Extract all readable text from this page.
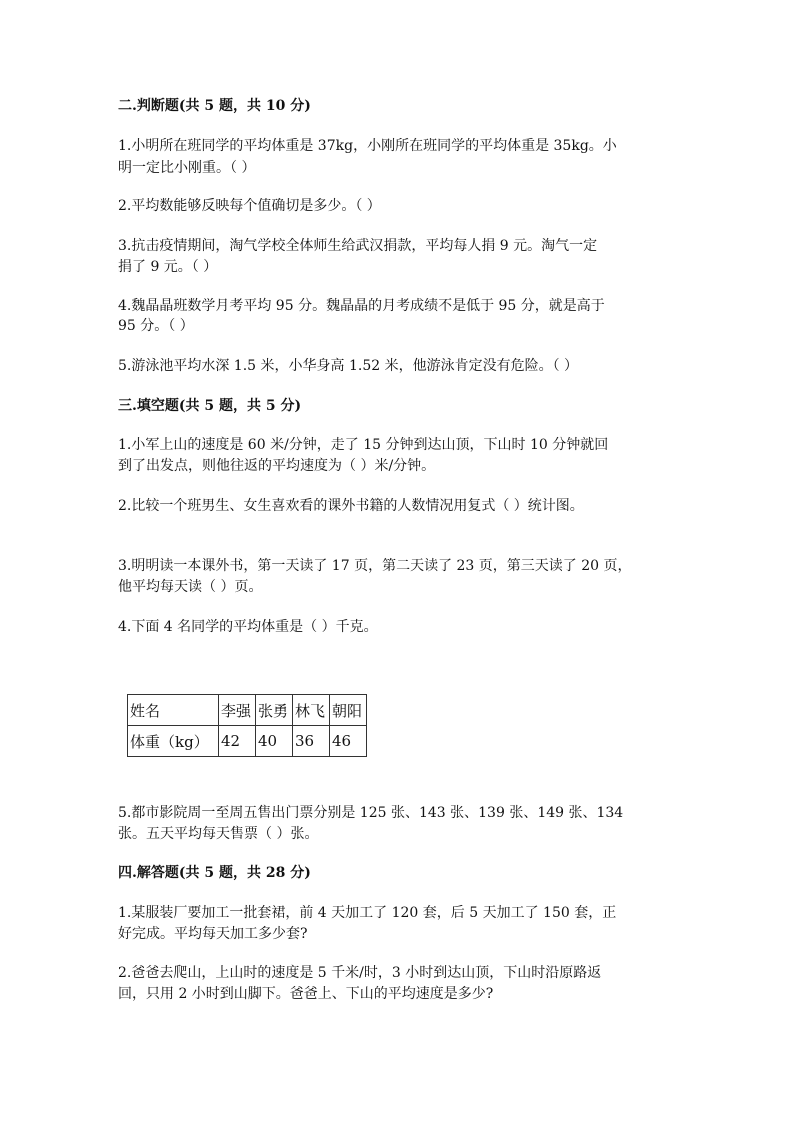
二.判断题(共 5 题，共 10 分)
1.小明所在班同学的平均体重是 37kg，小刚所在班同学的平均体重是 35kg。小
明一定比小刚重。（ ）
2.平均数能够反映每个值确切是多少。（ ）
3.抗击疫情期间，淘气学校全体师生给武汉捐款，平均每人捐 9 元。淘气一定
捐了 9 元。（ ）
4.魏晶晶班数学月考平均 95 分。魏晶晶的月考成绩不是低于 95 分，就是高于
95 分。（ ）
5.游泳池平均水深 1.5 米，小华身高 1.52 米，他游泳肯定没有危险。（ ）
三.填空题(共 5 题，共 5 分)
1.小军上山的速度是 60 米/分钟，走了 15 分钟到达山顶，下山时 10 分钟就回
到了出发点，则他往返的平均速度为（ ）米/分钟。
2.比较一个班男生、女生喜欢看的课外书籍的人数情况用复式（ ）统计图。
3.明明读一本课外书，第一天读了 17 页，第二天读了 23 页，第三天读了 20 页，
他平均每天读（ ）页。
4.下面 4 名同学的平均体重是（ ）千克。
姓名	李强	张勇	林飞	朝阳
体重（kg）	42	40	36	46
5.都市影院周一至周五售出门票分别是 125 张、143 张、139 张、149 张、134
张。五天平均每天售票（ ）张。
四.解答题(共 5 题，共 28 分)
1.某服装厂要加工一批套裙，前 4 天加工了 120 套，后 5 天加工了 150 套，正
好完成。平均每天加工多少套?
2.爸爸去爬山，上山时的速度是 5 千米/时，3 小时到达山顶，下山时沿原路返
回，只用 2 小时到山脚下。爸爸上、下山的平均速度是多少?
